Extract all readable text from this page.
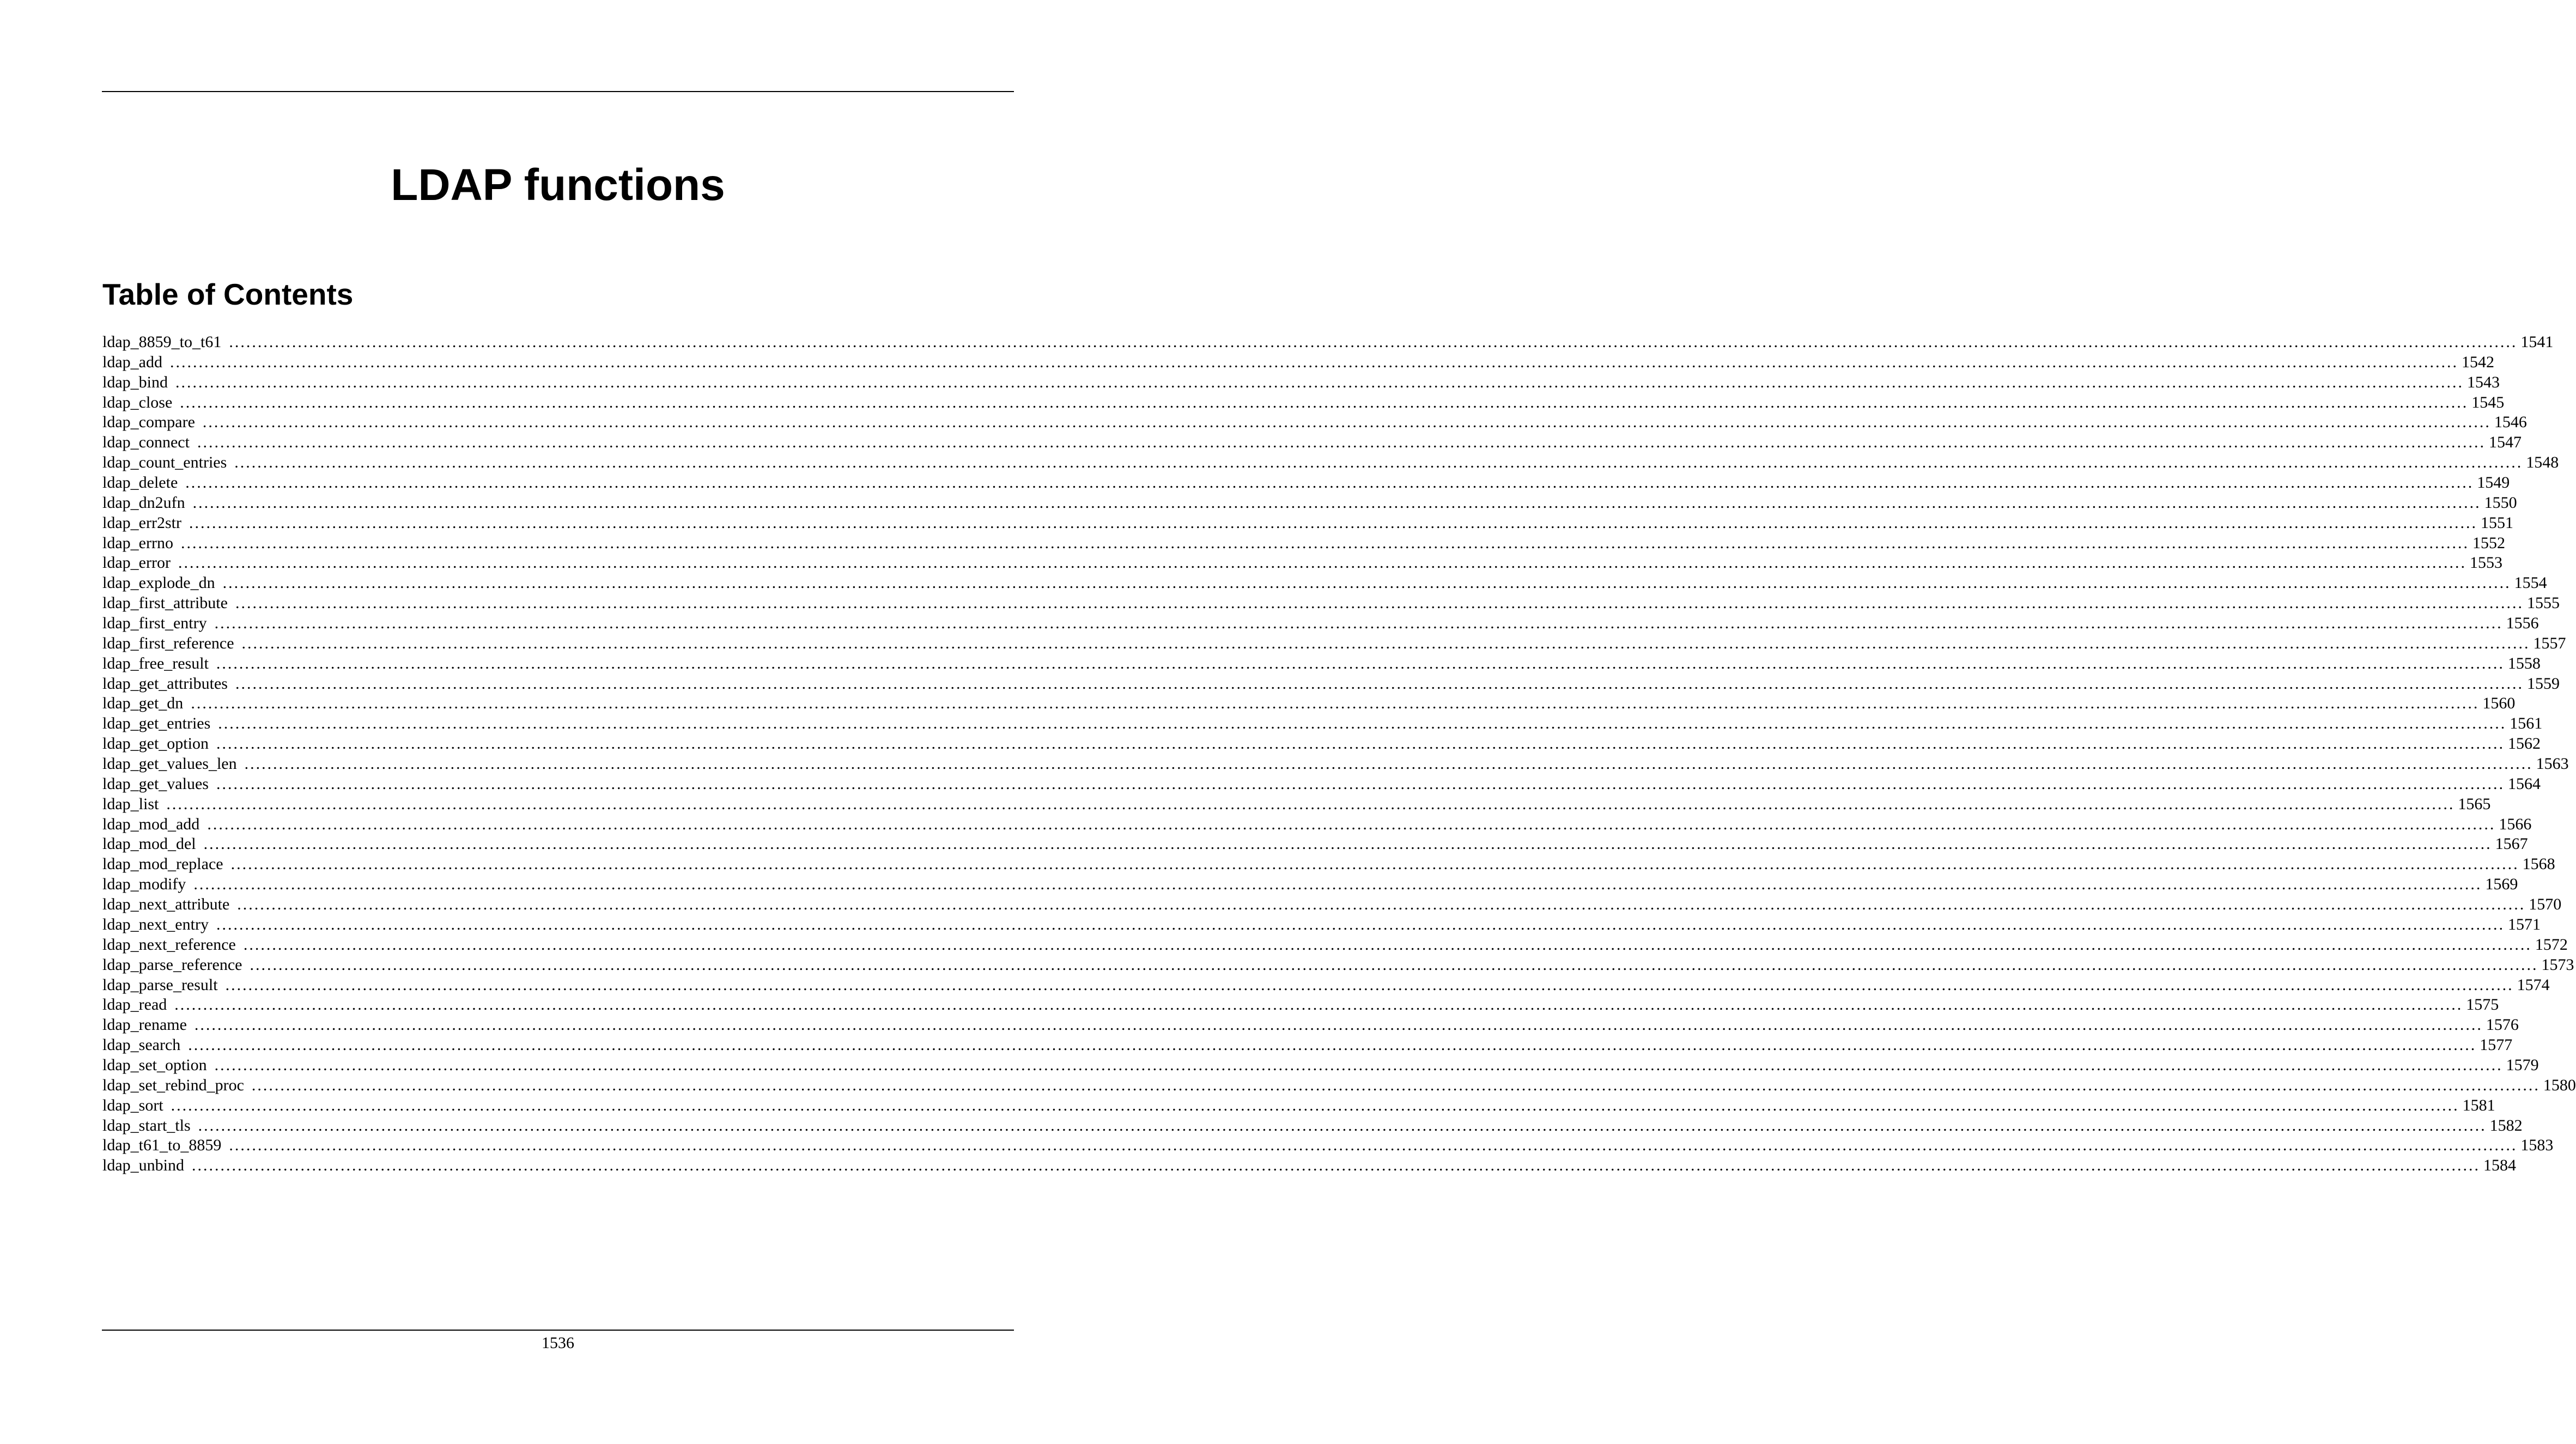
LDAP functions
Table of Contents
ldap_8859_to_t61 ................................................................................................................................................................................................................................................................................................................................................................................................................ 1541
ldap_add ................................................................................................................................................................................................................................................................................................................................................................................................................ 1542
ldap_bind ................................................................................................................................................................................................................................................................................................................................................................................................................ 1543
ldap_close ................................................................................................................................................................................................................................................................................................................................................................................................................ 1545
ldap_compare ................................................................................................................................................................................................................................................................................................................................................................................................................ 1546
ldap_connect ................................................................................................................................................................................................................................................................................................................................................................................................................ 1547
ldap_count_entries ................................................................................................................................................................................................................................................................................................................................................................................................................ 1548
ldap_delete ................................................................................................................................................................................................................................................................................................................................................................................................................ 1549
ldap_dn2ufn ................................................................................................................................................................................................................................................................................................................................................................................................................ 1550
ldap_err2str ................................................................................................................................................................................................................................................................................................................................................................................................................ 1551
ldap_errno ................................................................................................................................................................................................................................................................................................................................................................................................................ 1552
ldap_error ................................................................................................................................................................................................................................................................................................................................................................................................................ 1553
ldap_explode_dn ................................................................................................................................................................................................................................................................................................................................................................................................................ 1554
ldap_first_attribute ................................................................................................................................................................................................................................................................................................................................................................................................................ 1555
ldap_first_entry ................................................................................................................................................................................................................................................................................................................................................................................................................ 1556
ldap_first_reference ................................................................................................................................................................................................................................................................................................................................................................................................................ 1557
ldap_free_result ................................................................................................................................................................................................................................................................................................................................................................................................................ 1558
ldap_get_attributes ................................................................................................................................................................................................................................................................................................................................................................................................................ 1559
ldap_get_dn ................................................................................................................................................................................................................................................................................................................................................................................................................ 1560
ldap_get_entries ................................................................................................................................................................................................................................................................................................................................................................................................................ 1561
ldap_get_option ................................................................................................................................................................................................................................................................................................................................................................................................................ 1562
ldap_get_values_len ................................................................................................................................................................................................................................................................................................................................................................................................................ 1563
ldap_get_values ................................................................................................................................................................................................................................................................................................................................................................................................................ 1564
ldap_list ................................................................................................................................................................................................................................................................................................................................................................................................................ 1565
ldap_mod_add ................................................................................................................................................................................................................................................................................................................................................................................................................ 1566
ldap_mod_del ................................................................................................................................................................................................................................................................................................................................................................................................................ 1567
ldap_mod_replace ................................................................................................................................................................................................................................................................................................................................................................................................................ 1568
ldap_modify ................................................................................................................................................................................................................................................................................................................................................................................................................ 1569
ldap_next_attribute ................................................................................................................................................................................................................................................................................................................................................................................................................ 1570
ldap_next_entry ................................................................................................................................................................................................................................................................................................................................................................................................................ 1571
ldap_next_reference ................................................................................................................................................................................................................................................................................................................................................................................................................ 1572
ldap_parse_reference ................................................................................................................................................................................................................................................................................................................................................................................................................ 1573
ldap_parse_result ................................................................................................................................................................................................................................................................................................................................................................................................................ 1574
ldap_read ................................................................................................................................................................................................................................................................................................................................................................................................................ 1575
ldap_rename ................................................................................................................................................................................................................................................................................................................................................................................................................ 1576
ldap_search ................................................................................................................................................................................................................................................................................................................................................................................................................ 1577
ldap_set_option ................................................................................................................................................................................................................................................................................................................................................................................................................ 1579
ldap_set_rebind_proc ................................................................................................................................................................................................................................................................................................................................................................................................................ 1580
ldap_sort ................................................................................................................................................................................................................................................................................................................................................................................................................ 1581
ldap_start_tls ................................................................................................................................................................................................................................................................................................................................................................................................................ 1582
ldap_t61_to_8859 ................................................................................................................................................................................................................................................................................................................................................................................................................ 1583
ldap_unbind ................................................................................................................................................................................................................................................................................................................................................................................................................ 1584
1536
